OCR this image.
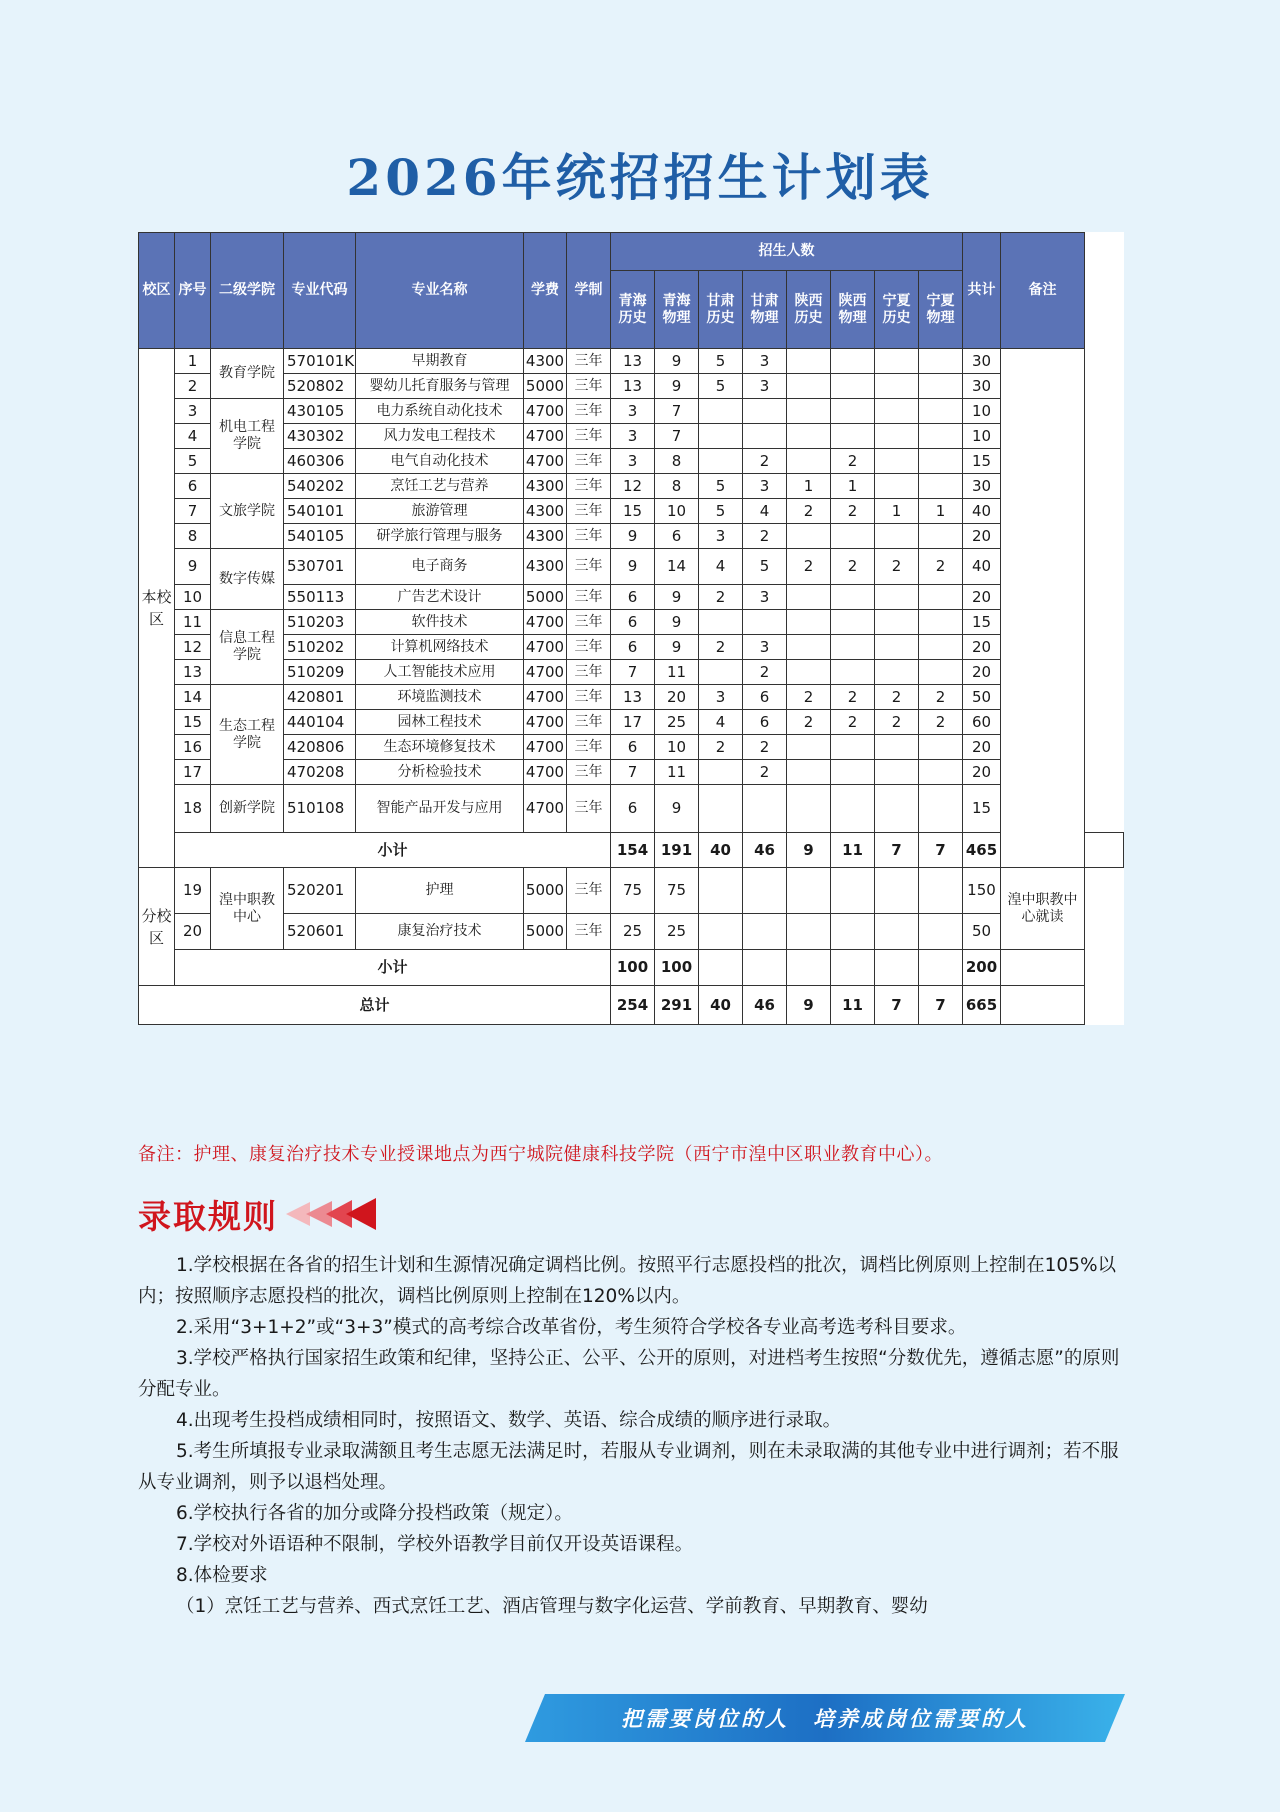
2026年统招招生计划表
校区	序号	二级学院	专业代码	专业名称	学费	学制	招生人数								共计	备注	
							青海历史	青海物理	甘肃历史	甘肃物理	陕西历史	陕西物理	宁夏历史	宁夏物理			
本校区	1	教育学院	570101K	早期教育	4300	三年	13	9	5	3					30		
	2		520802	婴幼儿托育服务与管理	5000	三年	13	9	5	3					30		
	3	机电工程学院	430105	电力系统自动化技术	4700	三年	3	7							10		
	4		430302	风力发电工程技术	4700	三年	3	7							10		
	5		460306	电气自动化技术	4700	三年	3	8		2		2			15		
	6	文旅学院	540202	烹饪工艺与营养	4300	三年	12	8	5	3	1	1			30		
	7		540101	旅游管理	4300	三年	15	10	5	4	2	2	1	1	40		
	8		540105	研学旅行管理与服务	4300	三年	9	6	3	2					20		
	9	数字传媒	530701	电子商务	4300	三年	9	14	4	5	2	2	2	2	40		
	10		550113	广告艺术设计	5000	三年	6	9	2	3					20		
	11	信息工程学院	510203	软件技术	4700	三年	6	9							15		
	12		510202	计算机网络技术	4700	三年	6	9	2	3					20		
	13		510209	人工智能技术应用	4700	三年	7	11		2					20		
	14	生态工程学院	420801	环境监测技术	4700	三年	13	20	3	6	2	2	2	2	50		
	15		440104	园林工程技术	4700	三年	17	25	4	6	2	2	2	2	60		
	16		420806	生态环境修复技术	4700	三年	6	10	2	2					20		
	17		470208	分析检验技术	4700	三年	7	11		2					20		
	18	创新学院	510108	智能产品开发与应用	4700	三年	6	9							15		
	小计						154	191	40	46	9	11	7	7	465		
分校区	19	湟中职教中心	520201	护理	5000	三年	75	75							150	湟中职教中心就读	
	20		520601	康复治疗技术	5000	三年	25	25							50		
	小计						100	100							200		
总计							254	291	40	46	9	11	7	7	665		
备注：护理、康复治疗技术专业授课地点为西宁城院健康科技学院（西宁市湟中区职业教育中心）。
录取规则

1.学校根据在各省的招生计划和生源情况确定调档比例。按照平行志愿投档的批次，调档比例原则上控制在105%以内；按照顺序志愿投档的批次，调档比例原则上控制在120%以内。

2.采用“3+1+2”或“3+3”模式的高考综合改革省份，考生须符合学校各专业高考选考科目要求。

3.学校严格执行国家招生政策和纪律，坚持公正、公平、公开的原则，对进档考生按照“分数优先，遵循志愿”的原则分配专业。

4.出现考生投档成绩相同时，按照语文、数学、英语、综合成绩的顺序进行录取。

5.考生所填报专业录取满额且考生志愿无法满足时，若服从专业调剂，则在未录取满的其他专业中进行调剂；若不服从专业调剂，则予以退档处理。

6.学校执行各省的加分或降分投档政策（规定）。

7.学校对外语语种不限制，学校外语教学目前仅开设英语课程。

8.体检要求

（1）烹饪工艺与营养、西式烹饪工艺、酒店管理与数字化运营、学前教育、早期教育、婴幼

把需要岗位的人　培养成岗位需要的人
